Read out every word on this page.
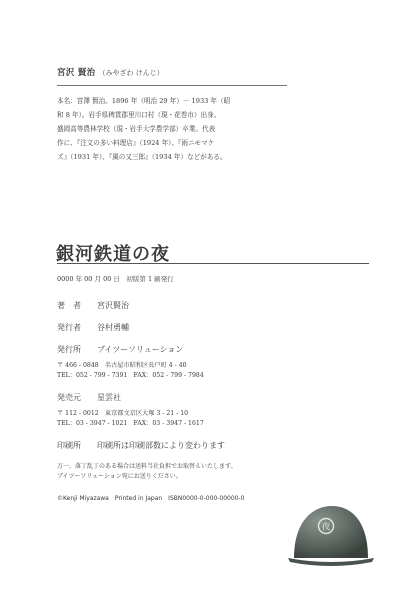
宮沢 賢治 （みやざわ けんじ）

本名：宮澤 賢治。1896 年（明治 29 年）－ 1933 年（昭
和 8 年）。岩手県稗貫郡里川口村（現・花巻市）出身。
盛岡高等農林学校（現・岩手大学農学部）卒業。代表
作に、『注文の多い料理店』（1924 年）、『雨ニモマケ
ズ』（1931 年）、『風の又三郎』（1934 年）などがある。

銀河鉄道の夜
0000 年 00 月 00 日　初版第 1 刷発行
著　者	宮沢賢治
発行者	谷村勇輔
発行所	ブイツーソリューション
〒 466 - 0848　名古屋市昭和区長戸町 4 - 40
TEL：052 - 799 - 7391　FAX：052 - 799 - 7984
発売元	星雲社
〒 112 - 0012　東京都文京区大塚 3 - 21 - 10
TEL：03 - 3947 - 1021　FAX：03 - 3947 - 1617
印刷所	印刷所は印刷部数により変わります
万一、落丁乱丁のある場合は送料当社負担でお取替えいたします。
ブイツーソリューション宛にお送りください。
©Kenji Miyazawa　Printed in Japan　ISBN0000-0-000-00000-0
夜
